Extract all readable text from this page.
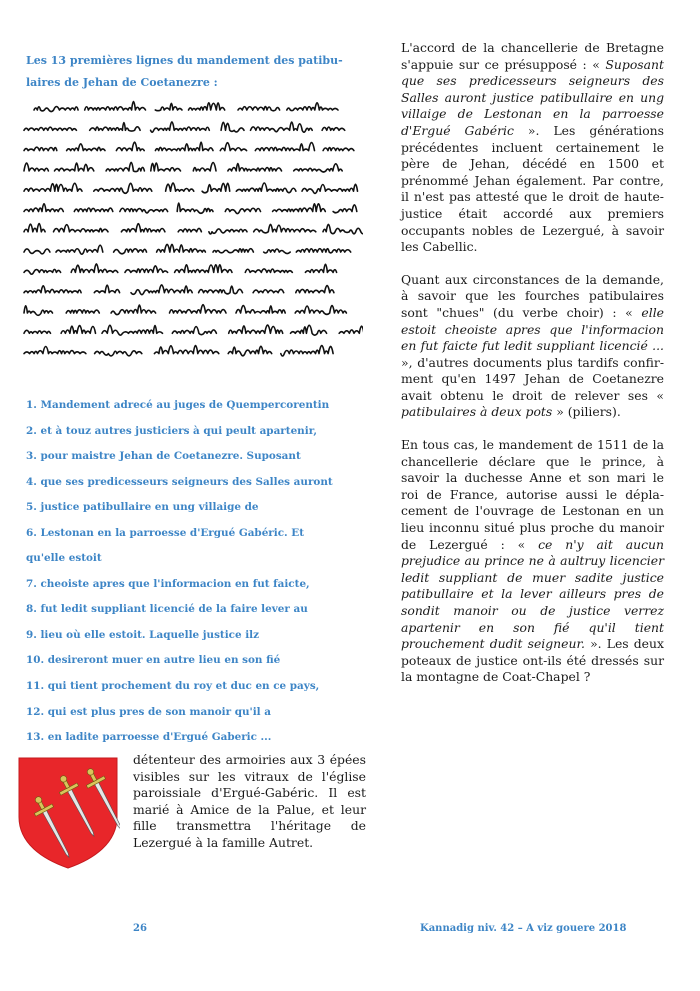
Les 13 premières lignes du mandement des patibu-
laires de Jehan de Coetanezre :
1. Mandement adrecé au juges de Quempercorentin
2. et à touz autres justiciers à qui peult apartenir,
3. pour maistre Jehan de Coetanezre. Suposant
4. que ses predicesseurs seigneurs des Salles auront
5. justice patibullaire en ung villaige de
6. Lestonan en la parroesse d'Ergué Gabéric. Et
qu'elle estoit
7. cheoiste apres que l'informacion en fut faicte,
8. fut ledit suppliant licencié de la faire lever au
9. lieu où elle estoit. Laquelle justice ilz
10. desireront muer en autre lieu en son fié
11. qui tient prochement du roy et duc en ce pays,
12. qui est plus pres de son manoir qu'il a
13. en ladite parroesse d'Ergué Gaberic ...

L'accord de la chancellerie de Bretagne s'appuie sur ce présupposé : « Suposant que ses predicesseurs seigneurs des Salles auront justice patibullaire en ung villaige de Lestonan en la parroesse d'Ergué Gabéric ». Les générations précédentes incluent certainement le père de Jehan, décédé en 1500 et prénommé Jehan également. Par contre, il n'est pas attesté que le droit de haute-justice était accordé aux premiers occupants nobles de Lezergué, à savoir les Cabellic.

Quant aux circonstances de la demande, à savoir que les fourches patibulaires sont "chues" (du verbe choir) : « elle estoit cheoiste apres que l'informacion en fut faicte fut ledit suppliant licencié ... », d'autres documents plus tardifs confirment qu'en 1497 Jehan de Coetanezre avait obtenu le droit de relever ses « patibulaires à deux pots » (piliers).

En tous cas, le mandement de 1511 de la chancellerie déclare que le prince, à savoir la duchesse Anne et son mari le roi de France, autorise aussi le déplacement de l'ouvrage de Lestonan en un lieu inconnu situé plus proche du manoir de Lezergué : « ce n'y ait aucun prejudice au prince ne à aultruy licencier ledit suppliant de muer sadite justice patibullaire et la lever ailleurs pres de sondit manoir ou de justice verrez apartenir en son fié qu'il tient prouchement dudit seigneur. ». Les deux poteaux de justice ont-ils été dressés sur la montagne de Coat-Chapel ?

détenteur des armoiries aux 3 épées visibles sur les vitraux de l'église paroissiale d'Ergué-Gabéric. Il est marié à Amice de la Palue, et leur fille transmettra l'héritage de Lezergué à la famille Autret.

26	Kannadig niv. 42 – A viz gouere 2018
